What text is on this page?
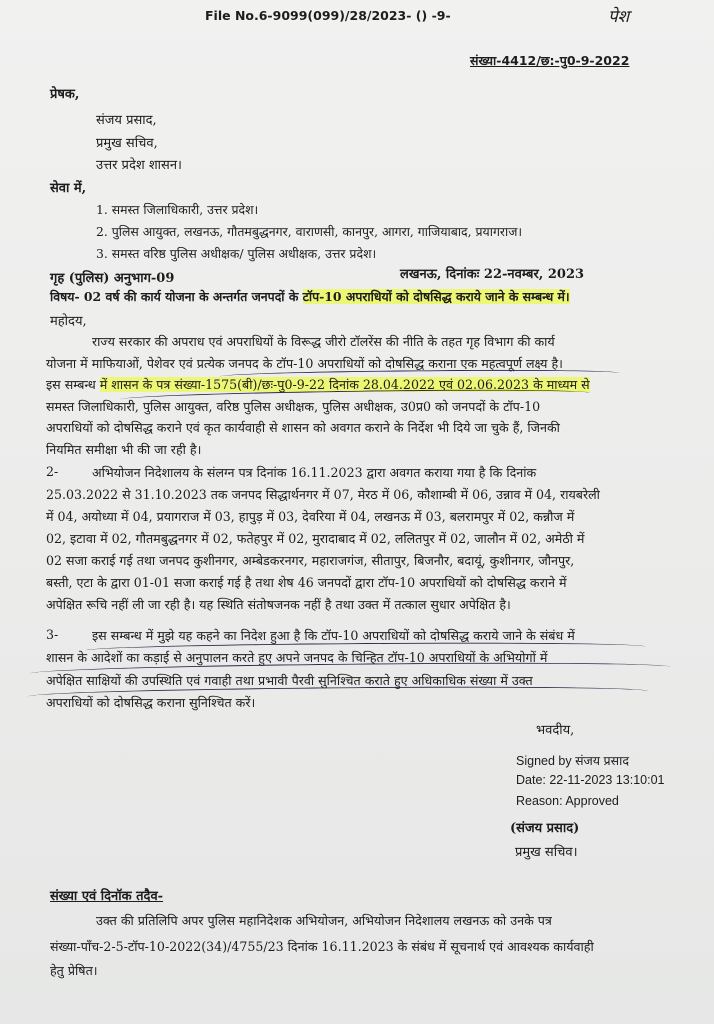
File No.6-9099(099)/28/2023- () -9-	पेश
संख्या-4412/छ:-पु0-9-2022
प्रेषक,
संजय प्रसाद,
प्रमुख सचिव,
उत्तर प्रदेश शासन।
सेवा में,
1. समस्त जिलाधिकारी, उत्तर प्रदेश।
2. पुलिस आयुक्त, लखनऊ, गौतमबुद्धनगर, वाराणसी, कानपुर, आगरा, गाजियाबाद, प्रयागराज।
3. समस्त वरिष्ठ पुलिस अधीक्षक/ पुलिस अधीक्षक, उत्तर प्रदेश।
गृह (पुलिस) अनुभाग-09	लखनऊ, दिनांकः 22-नवम्बर, 2023
विषय- 02 वर्ष की कार्य योजना के अन्तर्गत जनपदों के टॉप-10 अपराधियों को दोषसिद्ध कराये जाने के सम्बन्ध में।
महोदय,
राज्य सरकार की अपराध एवं अपराधियों के विरूद्ध जीरो टॉलरेंस की नीति के तहत गृह विभाग की कार्य
योजना में माफियाओं, पेशेवर एवं प्रत्येक जनपद के टॉप-10 अपराधियों को दोषसिद्ध कराना एक महत्वपूर्ण लक्ष्य है।
इस सम्बन्ध में शासन के पत्र संख्या-1575(बी)/छः-पु0-9-22 दिनांक 28.04.2022 एवं 02.06.2023 के माध्यम से
समस्त जिलाधिकारी, पुलिस आयुक्त, वरिष्ठ पुलिस अधीक्षक, पुलिस अधीक्षक, उ0प्र0 को जनपदों के टॉप-10
अपराधियों को दोषसिद्ध कराने एवं कृत कार्यवाही से शासन को अवगत कराने के निर्देश भी दिये जा चुके हैं, जिनकी
नियमित समीक्षा भी की जा रही है।
2-	अभियोजन निदेशालय के संलग्न पत्र दिनांक 16.11.2023 द्वारा अवगत कराया गया है कि दिनांक
25.03.2022 से 31.10.2023 तक जनपद सिद्धार्थनगर में 07, मेरठ में 06, कौशाम्बी में 06, उन्नाव में 04, रायबरेली
में 04, अयोध्या में 04, प्रयागराज में 03, हापुड़ में 03, देवरिया में 04, लखनऊ में 03, बलरामपुर में 02, कन्नौज में
02, इटावा में 02, गौतमबुद्धनगर में 02, फतेहपुर में 02, मुरादाबाद में 02, ललितपुर में 02, जालौन में 02, अमेठी में
02 सजा कराई गई तथा जनपद कुशीनगर, अम्बेडकरनगर, महाराजगंज, सीतापुर, बिजनौर, बदायूं, कुशीनगर, जौनपुर,
बस्ती, एटा के द्वारा 01-01 सजा कराई गई है तथा शेष 46 जनपदों द्वारा टॉप-10 अपराधियों को दोषसिद्ध कराने में
अपेक्षित रूचि नहीं ली जा रही है। यह स्थिति संतोषजनक नहीं है तथा उक्त में तत्काल सुधार अपेक्षित है।
3-	इस सम्बन्ध में मुझे यह कहने का निदेश हुआ है कि टॉप-10 अपराधियों को दोषसिद्ध कराये जाने के संबंध में
शासन के आदेशों का कड़ाई से अनुपालन करते हुए अपने जनपद के चिन्हित टॉप-10 अपराधियों के अभियोगों में
अपेक्षित साक्षियों की उपस्थिति एवं गवाही तथा प्रभावी पैरवी सुनिश्चित कराते हुए अधिकाधिक संख्या में उक्त
अपराधियों को दोषसिद्ध कराना सुनिश्चित करें।
भवदीय,
Signed by संजय प्रसाद
Date: 22-11-2023 13:10:01
Reason: Approved
(संजय प्रसाद)
प्रमुख सचिव।
संख्या एवं दिनॉक तदैव-
उक्त की प्रतिलिपि अपर पुलिस महानिदेशक अभियोजन, अभियोजन निदेशालय लखनऊ को उनके पत्र
संख्या-पाँच-2-5-टॉप-10-2022(34)/4755/23 दिनांक 16.11.2023 के संबंध में सूचनार्थ एवं आवश्यक कार्यवाही
हेतु प्रेषित।
